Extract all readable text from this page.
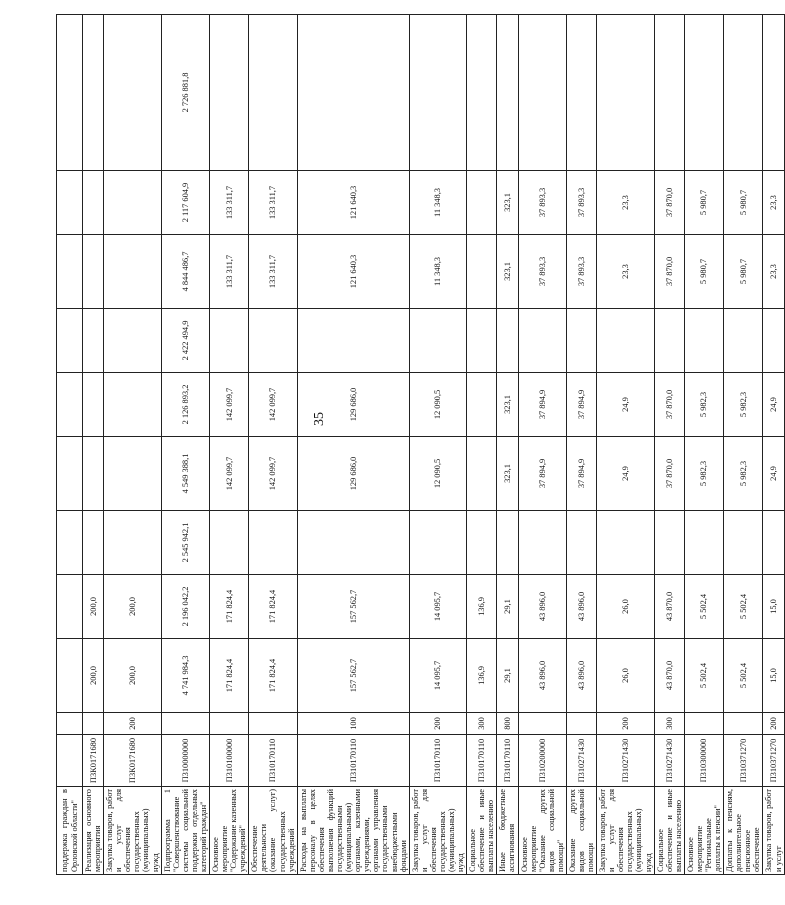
35
поддержка граждан в Орловской области"											
Реализация основного мероприятия	П3К0171680		200,0	200,0							
Закупка товаров, работ и услуг для обеспечения государственных (муниципальных) нужд	П3К0171680	200	200,0	200,0							
Подпрограмма 1 "Совершенствование системы социальной поддержки отдельных категорий граждан"	П310000000		4 741 984,3	2 196 042,2	2 545 942,1	4 549 388,1	2 126 893,2	2 422 494,9	4 844 486,7	2 117 604,9	2 726 881,8
Основное мероприятие "Содержание казенных учреждений"	П310100000		171 824,4	171 824,4		142 099,7	142 099,7		133 311,7	133 311,7	
Обеспечение деятельности (оказание услуг) государственных учреждений	П310170110		171 824,4	171 824,4		142 099,7	142 099,7		133 311,7	133 311,7	
Расходы на выплаты персоналу в целях обеспечения выполнения функций государственными (муниципальными) органами, казенными учреждениями, органами управления государственными внебюджетными фондами	П310170110	100	157 562,7	157 562,7		129 686,0	129 686,0		121 640,3	121 640,3	
Закупка товаров, работ и услуг для обеспечения государственных (муниципальных) нужд	П310170110	200	14 095,7	14 095,7		12 090,5	12 090,5		11 348,3	11 348,3	
Социальное обеспечение и иные выплаты населению	П310170110	300	136,9	136,9							
Иные бюджетные ассигнования	П310170110	800	29,1	29,1		323,1	323,1		323,1	323,1	
Основное мероприятие "Оказание других видов социальной помощи"	П310200000		43 896,0	43 896,0		37 894,9	37 894,9		37 893,3	37 893,3	
Оказание других видов социальной помощи	П310271430		43 896,0	43 896,0		37 894,9	37 894,9		37 893,3	37 893,3	
Закупка товаров, работ и услуг для обеспечения государственных (муниципальных) нужд	П310271430	200	26,0	26,0		24,9	24,9		23,3	23,3	
Социальное обеспечение и иные выплаты населению	П310271430	300	43 870,0	43 870,0		37 870,0	37 870,0		37 870,0	37 870,0	
Основное мероприятие "Региональные доплаты к пенсии"	П310300000		5 502,4	5 502,4		5 982,3	5 982,3		5 980,7	5 980,7	
Доплаты к пенсиям, дополнительное пенсионное обеспечение	П310371270		5 502,4	5 502,4		5 982,3	5 982,3		5 980,7	5 980,7	
Закупка товаров, работ и услуг	П310371270	200	15,0	15,0		24,9	24,9		23,3	23,3	
